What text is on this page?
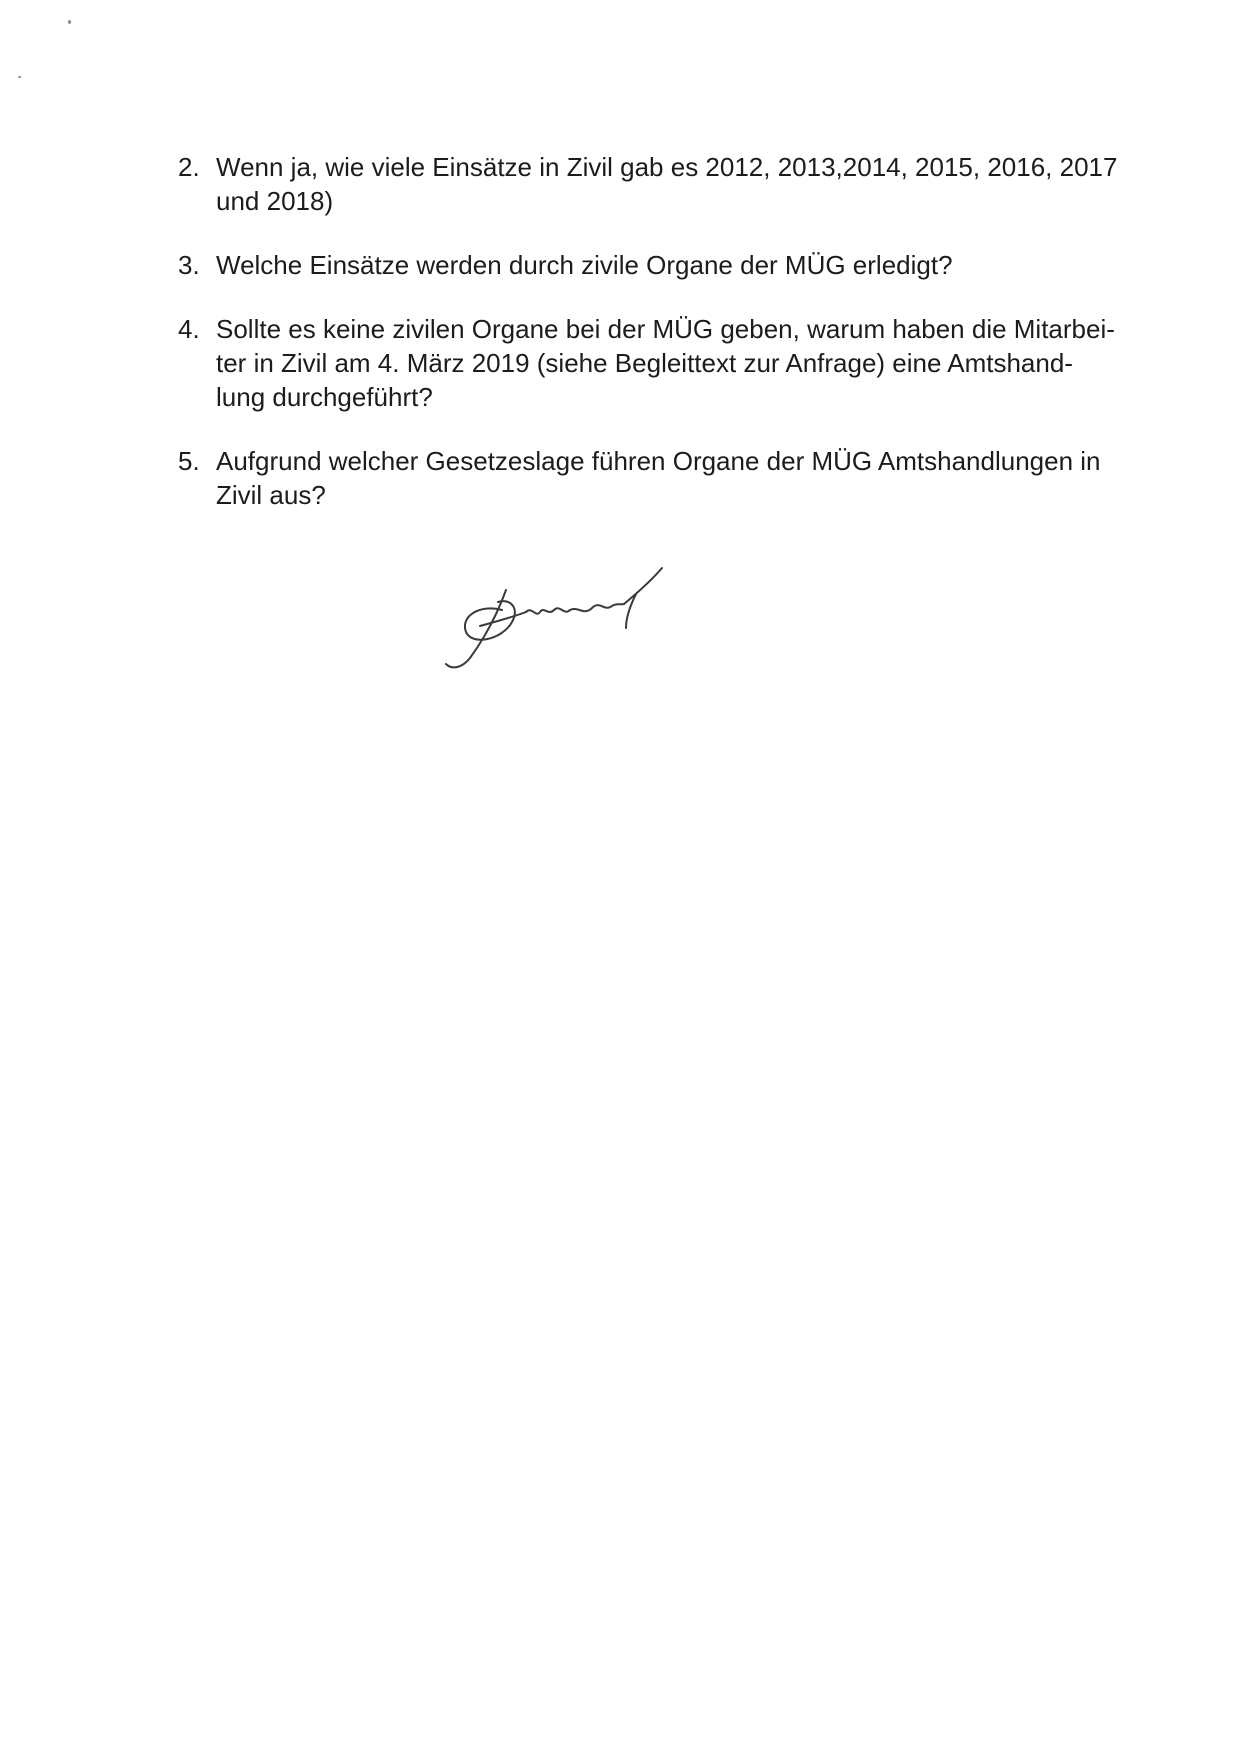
2. Wenn ja, wie viele Einsätze in Zivil gab es 2012, 2013,2014, 2015, 2016, 2017
und 2018)
3. Welche Einsätze werden durch zivile Organe der MÜG erledigt?
4. Sollte es keine zivilen Organe bei der MÜG geben, warum haben die Mitarbei-
ter in Zivil am 4. März 2019 (siehe Begleittext zur Anfrage) eine Amtshand-
lung durchgeführt?
5. Aufgrund welcher Gesetzeslage führen Organe der MÜG Amtshandlungen in
Zivil aus?
